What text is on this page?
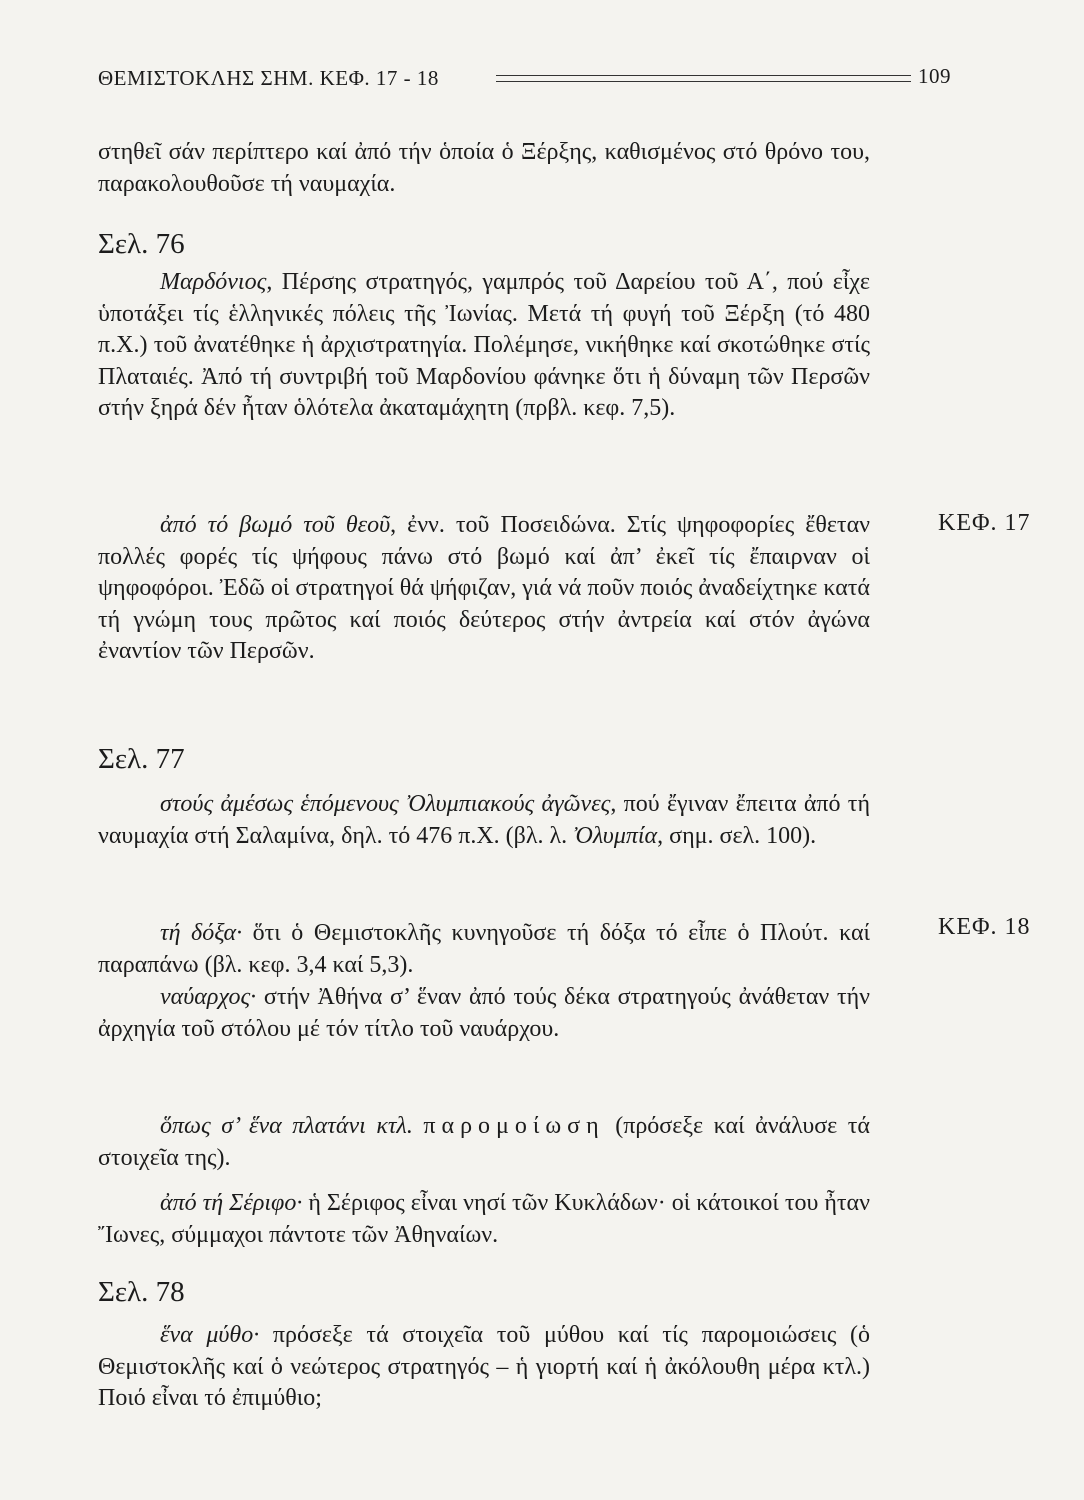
ΘΕΜΙΣΤΟΚΛΗΣ ΣΗΜ. ΚΕΦ. 17 - 18	109

στηθεῖ σάν περίπτερο καί ἀπό τήν ὁποία ὁ Ξέρξης, καθισμένος στό θρόνο του, παρακολουθοῦσε τή ναυμαχία.

Σελ. 76

Μαρδόνιος, Πέρσης στρατηγός, γαμπρός τοῦ Δαρείου τοῦ Α΄, πού εἶχε ὑποτάξει τίς ἑλληνικές πόλεις τῆς Ἰωνίας. Μετά τή φυγή τοῦ Ξέρξη (τό 480 π.Χ.) τοῦ ἀνατέθηκε ἡ ἀρχιστρατηγία. Πολέμησε, νικήθηκε καί σκοτώθηκε στίς Πλαταιές. Ἀπό τή συντριβή τοῦ Μαρδονίου φάνηκε ὅτι ἡ δύναμη τῶν Περσῶν στήν ξηρά δέν ἦταν ὁλότελα ἀκαταμάχητη (πρβλ. κεφ. 7,5).

ἀπό τό βωμό τοῦ θεοῦ, ἐνν. τοῦ Ποσειδώνα. Στίς ψηφοφορίες ἔθεταν πολλές φορές τίς ψήφους πάνω στό βωμό καί ἀπ’ ἐκεῖ τίς ἔπαιρναν οἱ ψηφοφόροι. Ἐδῶ οἱ στρατηγοί θά ψήφιζαν, γιά νά ποῦν ποιός ἀναδείχτηκε κατά τή γνώμη τους πρῶτος καί ποιός δεύτερος στήν ἀντρεία καί στόν ἀγώνα ἐναντίον τῶν Περσῶν.

ΚΕΦ. 17
Σελ. 77

στούς ἀμέσως ἑπόμενους Ὀλυμπιακούς ἀγῶνες, πού ἔγιναν ἔπειτα ἀπό τή ναυμαχία στή Σαλαμίνα, δηλ. τό 476 π.Χ. (βλ. λ. Ὀλυμπία, σημ. σελ. 100).

τή δόξα· ὅτι ὁ Θεμιστοκλῆς κυνηγοῦσε τή δόξα τό εἶπε ὁ Πλούτ. καί παραπάνω (βλ. κεφ. 3,4 καί 5,3).

ΚΕΦ. 18

ναύαρχος· στήν Ἀθήνα σ’ ἕναν ἀπό τούς δέκα στρατηγούς ἀνάθεταν τήν ἀρχηγία τοῦ στόλου μέ τόν τίτλο τοῦ ναυάρχου.

ὅπως σ’ ἕνα πλατάνι κτλ. παρομοίωση (πρόσεξε καί ἀνάλυσε τά στοιχεῖα της).

ἀπό τή Σέριφο· ἡ Σέριφος εἶναι νησί τῶν Κυκλάδων· οἱ κάτοικοί του ἦταν Ἴωνες, σύμμαχοι πάντοτε τῶν Ἀθηναίων.

Σελ. 78

ἕνα μύθο· πρόσεξε τά στοιχεῖα τοῦ μύθου καί τίς παρομοιώσεις (ὁ Θεμιστοκλῆς καί ὁ νεώτερος στρατηγός – ἡ γιορτή καί ἡ ἀκόλουθη μέρα κτλ.) Ποιό εἶναι τό ἐπιμύθιο;
